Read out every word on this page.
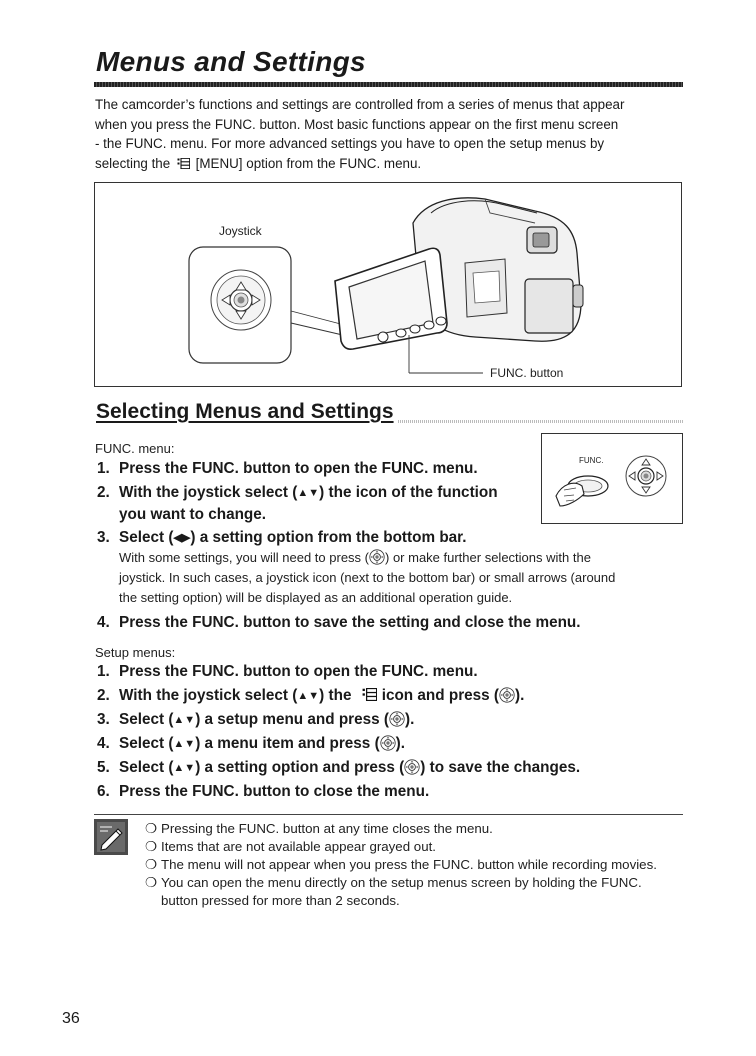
Menus and Settings
The camcorder’s functions and settings are controlled from a series of menus that appear
when you press the FUNC. button. Most basic functions appear on the first menu screen
- the FUNC. menu. For more advanced settings you have to open the setup menus by
selecting the [MENU] option from the FUNC. menu.
Joystick
FUNC. button
Selecting Menus and Settings
FUNC. menu:
1. Press the FUNC. button to open the FUNC. menu.
2. With the joystick select (▲▼) the icon of the function
you want to change.
FUNC.
3. Select (◀▶) a setting option from the bottom bar.
With some settings, you will need to press ( ) or make further selections with the
joystick. In such cases, a joystick icon (next to the bottom bar) or small arrows (around
the setting option) will be displayed as an additional operation guide.
4. Press the FUNC. button to save the setting and close the menu.
Setup menus:
1. Press the FUNC. button to open the FUNC. menu.
2. With the joystick select (▲▼) the icon and press ( ).
3. Select (▲▼) a setup menu and press ( ).
4. Select (▲▼) a menu item and press ( ).
5. Select (▲▼) a setting option and press ( ) to save the changes.
6. Press the FUNC. button to close the menu.
❍ Pressing the FUNC. button at any time closes the menu.
❍ Items that are not available appear grayed out.
❍ The menu will not appear when you press the FUNC. button while recording movies.
❍ You can open the menu directly on the setup menus screen by holding the FUNC. button pressed for more than 2 seconds.
36
